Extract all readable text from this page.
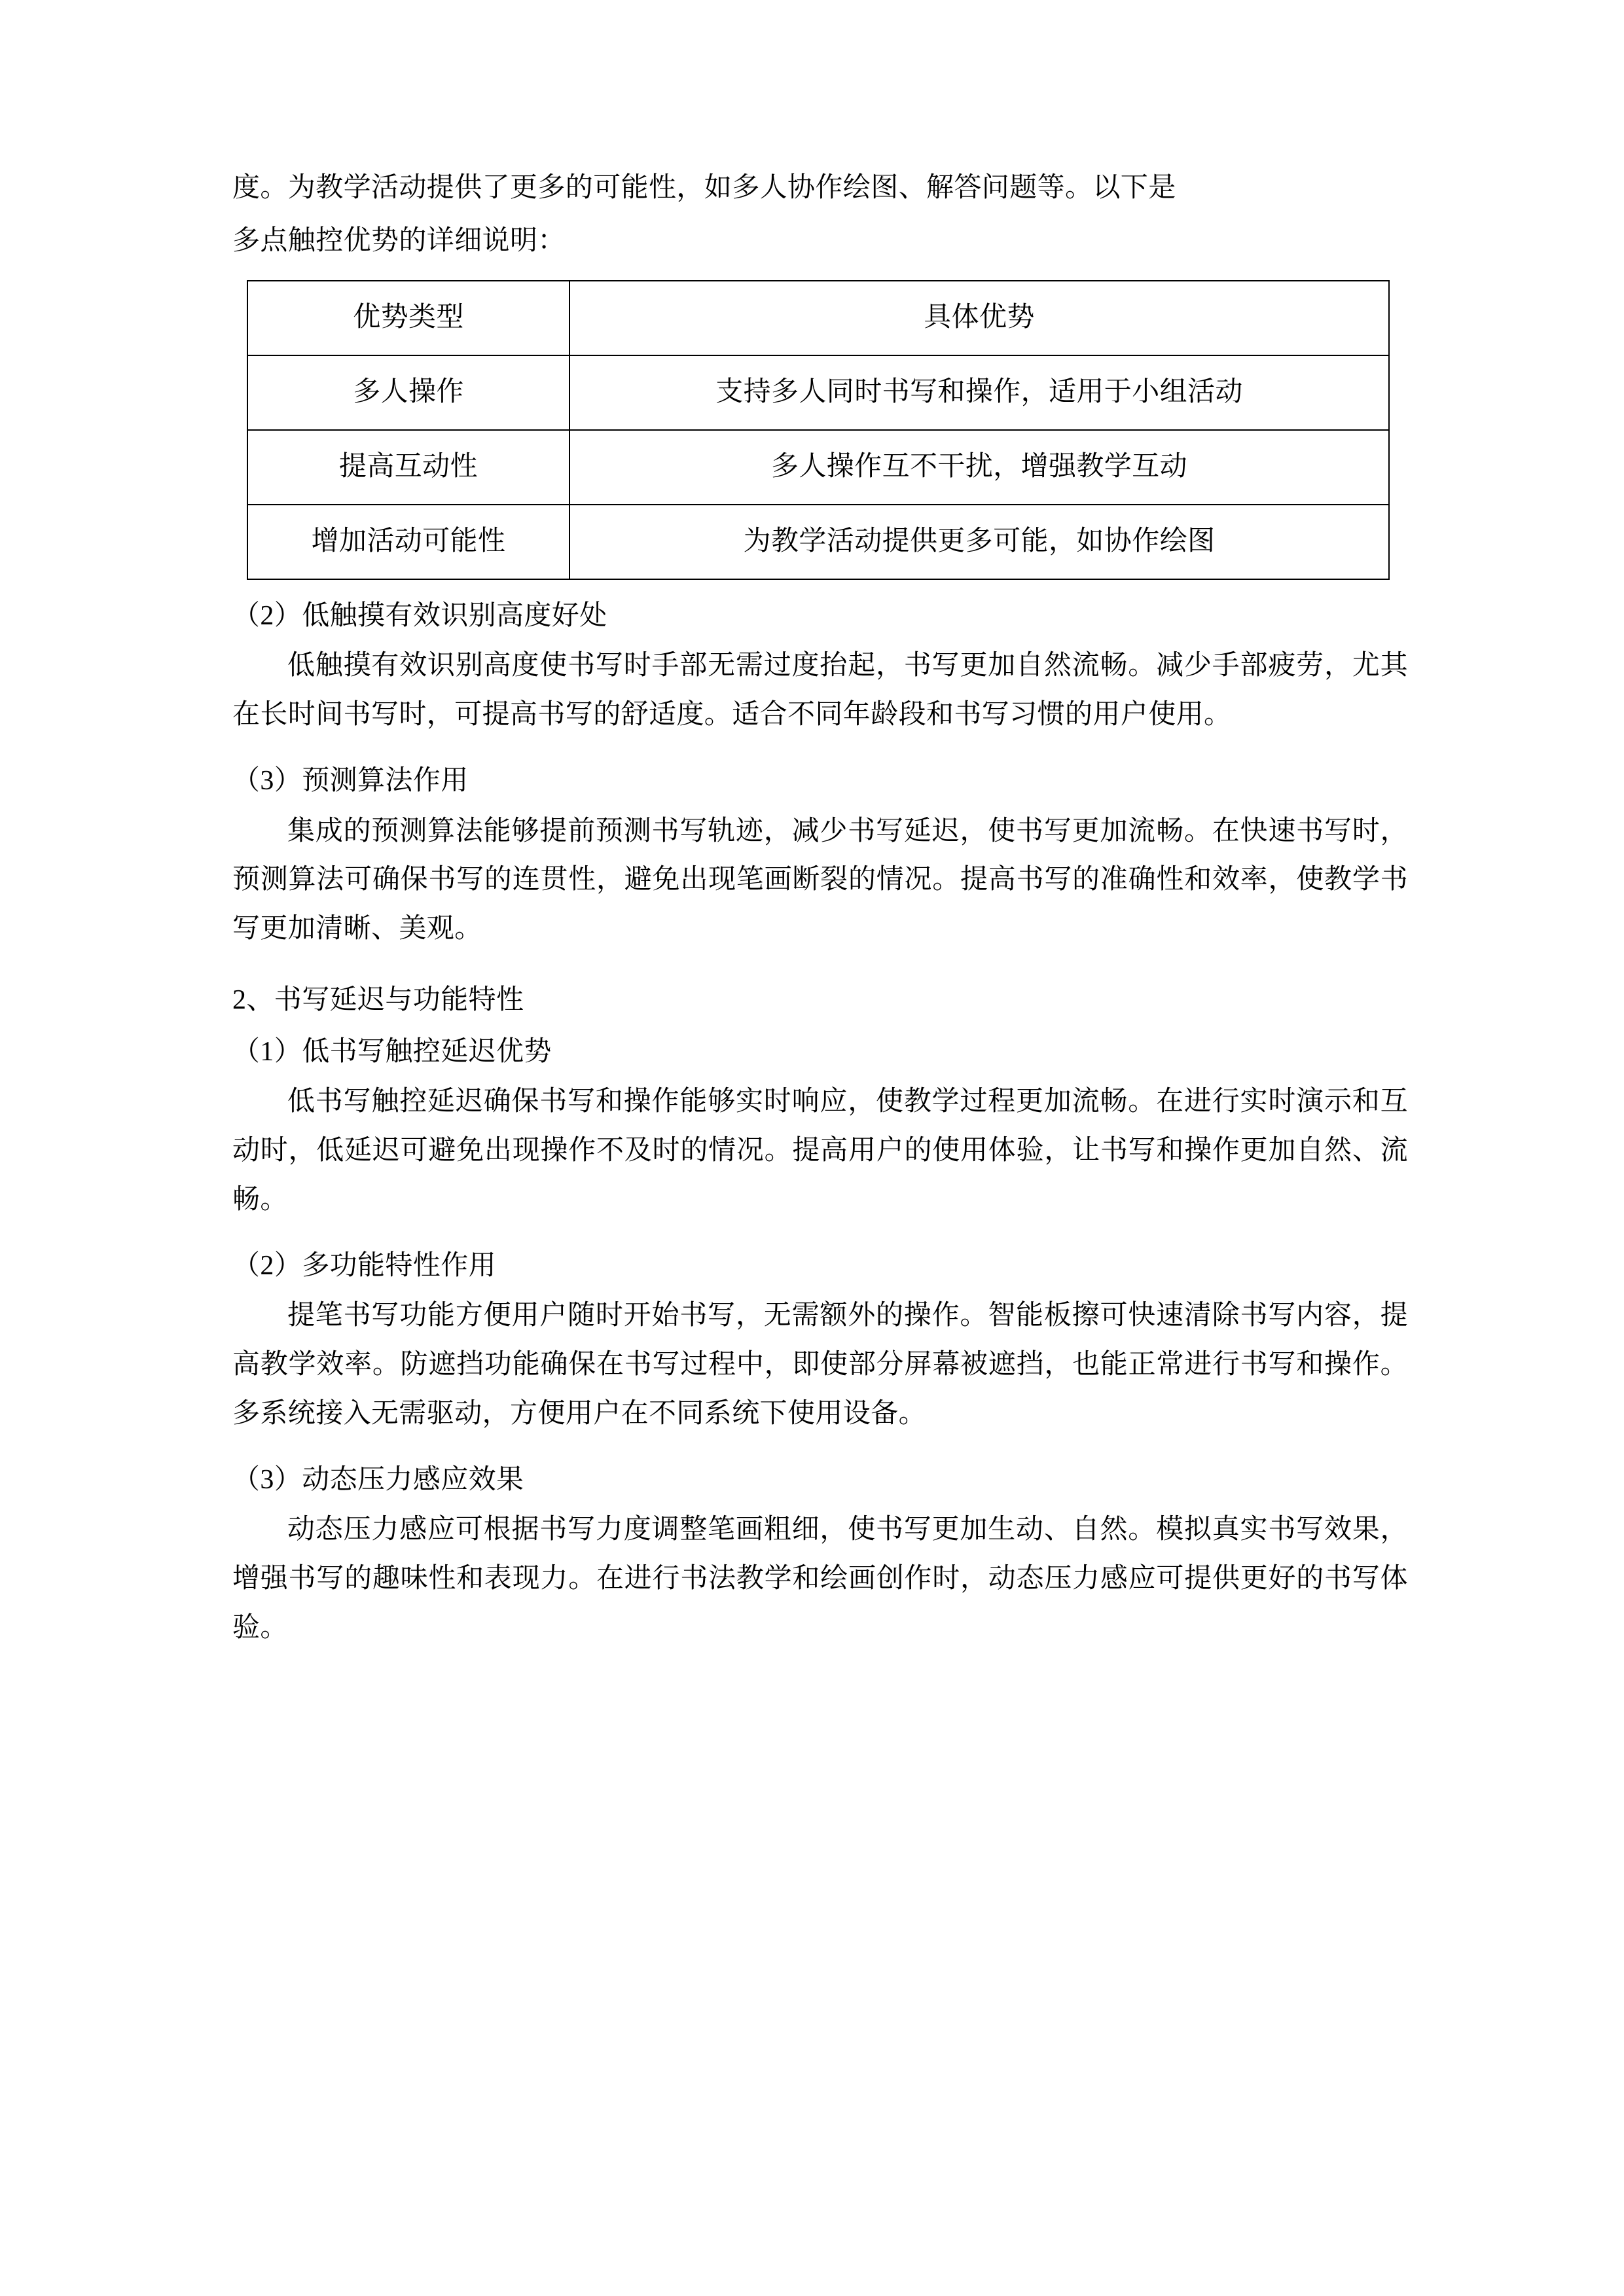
度。为教学活动提供了更多的可能性，如多人协作绘图、解答问题等。以下是

多点触控优势的详细说明：

优势类型	具体优势
多人操作	支持多人同时书写和操作，适用于小组活动
提高互动性	多人操作互不干扰，增强教学互动
增加活动可能性	为教学活动提供更多可能，如协作绘图

（2）低触摸有效识别高度好处

低触摸有效识别高度使书写时手部无需过度抬起，书写更加自然流畅。减少手部疲劳，尤其在长时间书写时，可提高书写的舒适度。适合不同年龄段和书写习惯的用户使用。

（3）预测算法作用

集成的预测算法能够提前预测书写轨迹，减少书写延迟，使书写更加流畅。在快速书写时，预测算法可确保书写的连贯性，避免出现笔画断裂的情况。提高书写的准确性和效率，使教学书写更加清晰、美观。

2、书写延迟与功能特性

（1）低书写触控延迟优势

低书写触控延迟确保书写和操作能够实时响应，使教学过程更加流畅。在进行实时演示和互动时，低延迟可避免出现操作不及时的情况。提高用户的使用体验，让书写和操作更加自然、流畅。

（2）多功能特性作用

提笔书写功能方便用户随时开始书写，无需额外的操作。智能板擦可快速清除书写内容，提高教学效率。防遮挡功能确保在书写过程中，即使部分屏幕被遮挡，也能正常进行书写和操作。多系统接入无需驱动，方便用户在不同系统下使用设备。

（3）动态压力感应效果

动态压力感应可根据书写力度调整笔画粗细，使书写更加生动、自然。模拟真实书写效果，增强书写的趣味性和表现力。在进行书法教学和绘画创作时，动态压力感应可提供更好的书写体验。
